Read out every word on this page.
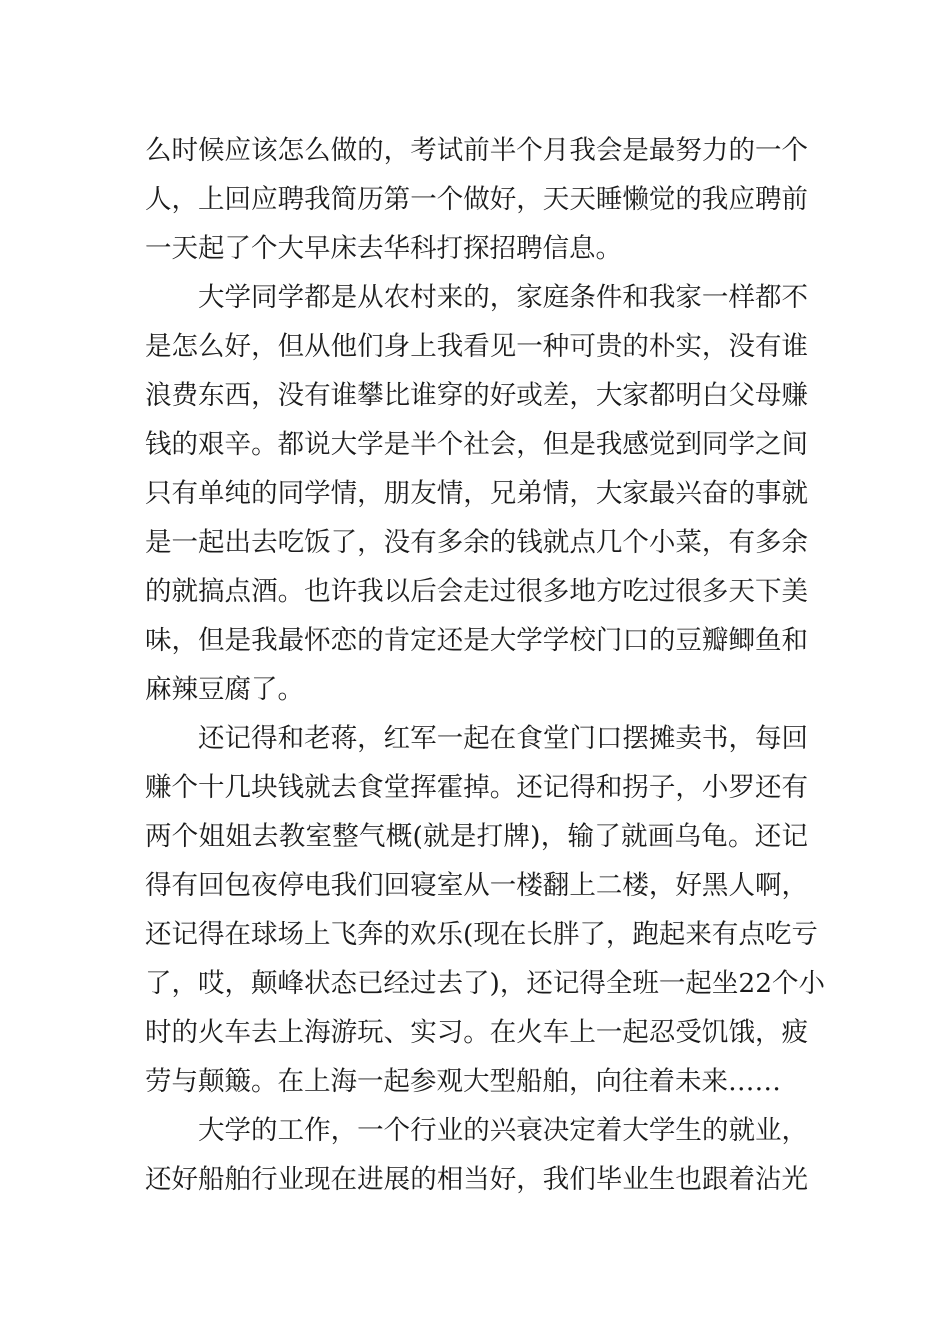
么时候应该怎么做的，考试前半个月我会是最努力的一个
人，上回应聘我简历第一个做好，天天睡懒觉的我应聘前
一天起了个大早床去华科打探招聘信息。
大学同学都是从农村来的，家庭条件和我家一样都不
是怎么好，但从他们身上我看见一种可贵的朴实，没有谁
浪费东西，没有谁攀比谁穿的好或差，大家都明白父母赚
钱的艰辛。都说大学是半个社会，但是我感觉到同学之间
只有单纯的同学情，朋友情，兄弟情，大家最兴奋的事就
是一起出去吃饭了，没有多余的钱就点几个小菜，有多余
的就搞点酒。也许我以后会走过很多地方吃过很多天下美
味，但是我最怀恋的肯定还是大学学校门口的豆瓣鲫鱼和
麻辣豆腐了。
还记得和老蒋，红军一起在食堂门口摆摊卖书，每回
赚个十几块钱就去食堂挥霍掉。还记得和拐子，小罗还有
两个姐姐去教室整气概(就是打牌)，输了就画乌龟。还记
得有回包夜停电我们回寝室从一楼翻上二楼，好黑人啊，
还记得在球场上飞奔的欢乐(现在长胖了，跑起来有点吃亏
了，哎，颠峰状态已经过去了)，还记得全班一起坐22个小
时的火车去上海游玩、实习。在火车上一起忍受饥饿，疲
劳与颠簸。在上海一起参观大型船舶，向往着未来……
大学的工作，一个行业的兴衰决定着大学生的就业，
还好船舶行业现在进展的相当好，我们毕业生也跟着沾光
